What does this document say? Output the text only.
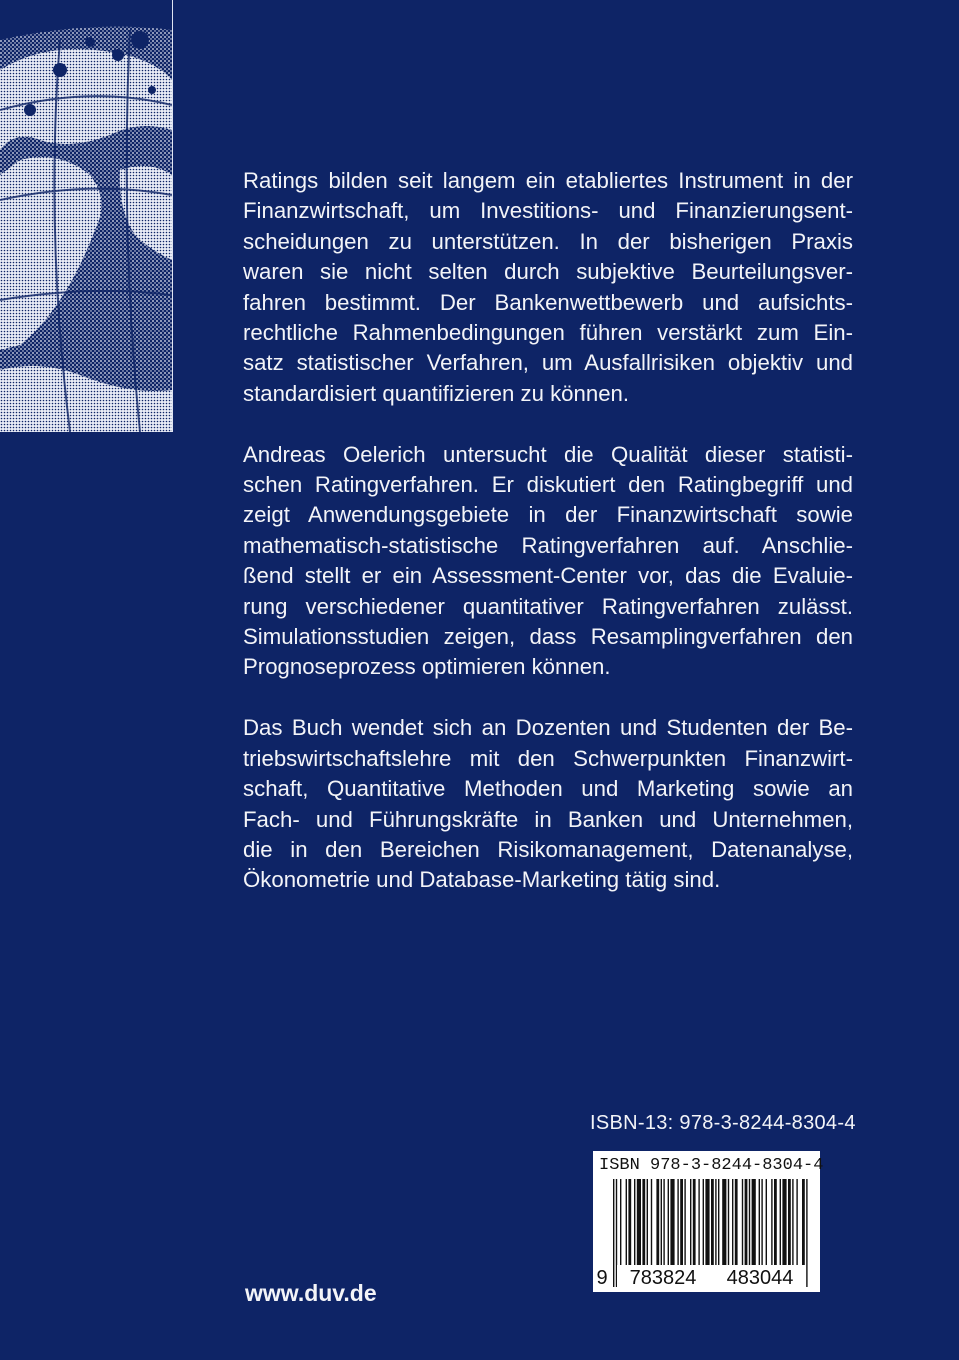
Ratings bilden seit langem ein etabliertes Instrument in der
Finanzwirtschaft, um Investitions- und Finanzierungsent-
scheidungen zu unterstützen. In der bisherigen Praxis
waren sie nicht selten durch subjektive Beurteilungsver-
fahren bestimmt. Der Bankenwettbewerb und aufsichts-
rechtliche Rahmenbedingungen führen verstärkt zum Ein-
satz statistischer Verfahren, um Ausfallrisiken objektiv und
standardisiert quantifizieren zu können.

Andreas Oelerich untersucht die Qualität dieser statisti-
schen Ratingverfahren. Er diskutiert den Ratingbegriff und
zeigt Anwendungsgebiete in der Finanzwirtschaft sowie
mathematisch-statistische Ratingverfahren auf. Anschlie-
ßend stellt er ein Assessment-Center vor, das die Evaluie-
rung verschiedener quantitativer Ratingverfahren zulässt.
Simulationsstudien zeigen, dass Resamplingverfahren den
Prognoseprozess optimieren können.

Das Buch wendet sich an Dozenten und Studenten der Be-
triebswirtschaftslehre mit den Schwerpunkten Finanzwirt-
schaft, Quantitative Methoden und Marketing sowie an
Fach- und Führungskräfte in Banken und Unternehmen,
die in den Bereichen Risikomanagement, Datenanalyse,
Ökonometrie und Database-Marketing tätig sind.

ISBN-13: 978-3-8244-8304-4
ISBN 978-3-8244-8304-4
9	783824	483044
www.duv.de
